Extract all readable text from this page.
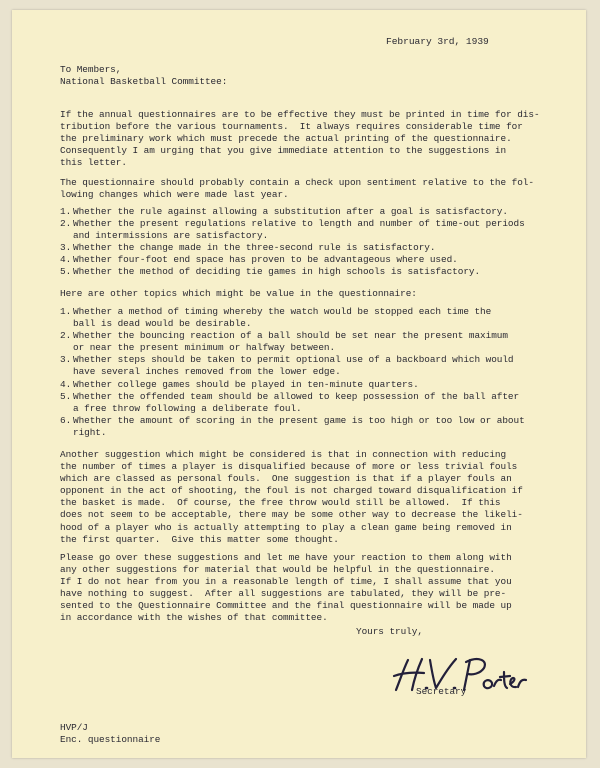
February 3rd, 1939
To Members,
National Basketball Committee:
If the annual questionnaires are to be effective they must be printed in time for dis-
tribution before the various tournaments.  It always requires considerable time for
the preliminary work which must precede the actual printing of the questionnaire.
Consequently I am urging that you give immediate attention to the suggestions in
this letter.
The questionnaire should probably contain a check upon sentiment relative to the fol-
lowing changes which were made last year.
1. Whether the rule against allowing a substitution after a goal is satisfactory.
2. Whether the present regulations relative to length and number of time-out periods
and intermissions are satisfactory.
3. Whether the change made in the three-second rule is satisfactory.
4. Whether four-foot end space has proven to be advantageous where used.
5. Whether the method of deciding tie games in high schools is satisfactory.
Here are other topics which might be value in the questionnaire:
1. Whether a method of timing whereby the watch would be stopped each time the
ball is dead would be desirable.
2. Whether the bouncing reaction of a ball should be set near the present maximum
or near the present minimum or halfway between.
3. Whether steps should be taken to permit optional use of a backboard which would
have several inches removed from the lower edge.
4. Whether college games should be played in ten-minute quarters.
5. Whether the offended team should be allowed to keep possession of the ball after
a free throw following a deliberate foul.
6. Whether the amount of scoring in the present game is too high or too low or about
right.
Another suggestion which might be considered is that in connection with reducing
the number of times a player is disqualified because of more or less trivial fouls
which are classed as personal fouls.  One suggestion is that if a player fouls an
opponent in the act of shooting, the foul is not charged toward disqualification if
the basket is made.  Of course, the free throw would still be allowed.  If this
does not seem to be acceptable, there may be some other way to decrease the likeli-
hood of a player who is actually attempting to play a clean game being removed in
the first quarter.  Give this matter some thought.
Please go over these suggestions and let me have your reaction to them along with
any other suggestions for material that would be helpful in the questionnaire.
If I do not hear from you in a reasonable length of time, I shall assume that you
have nothing to suggest.  After all suggestions are tabulated, they will be pre-
sented to the Questionnaire Committee and the final questionnaire will be made up
in accordance with the wishes of that committee.
Yours truly,
Secretary
HVP/J
Enc. questionnaire
